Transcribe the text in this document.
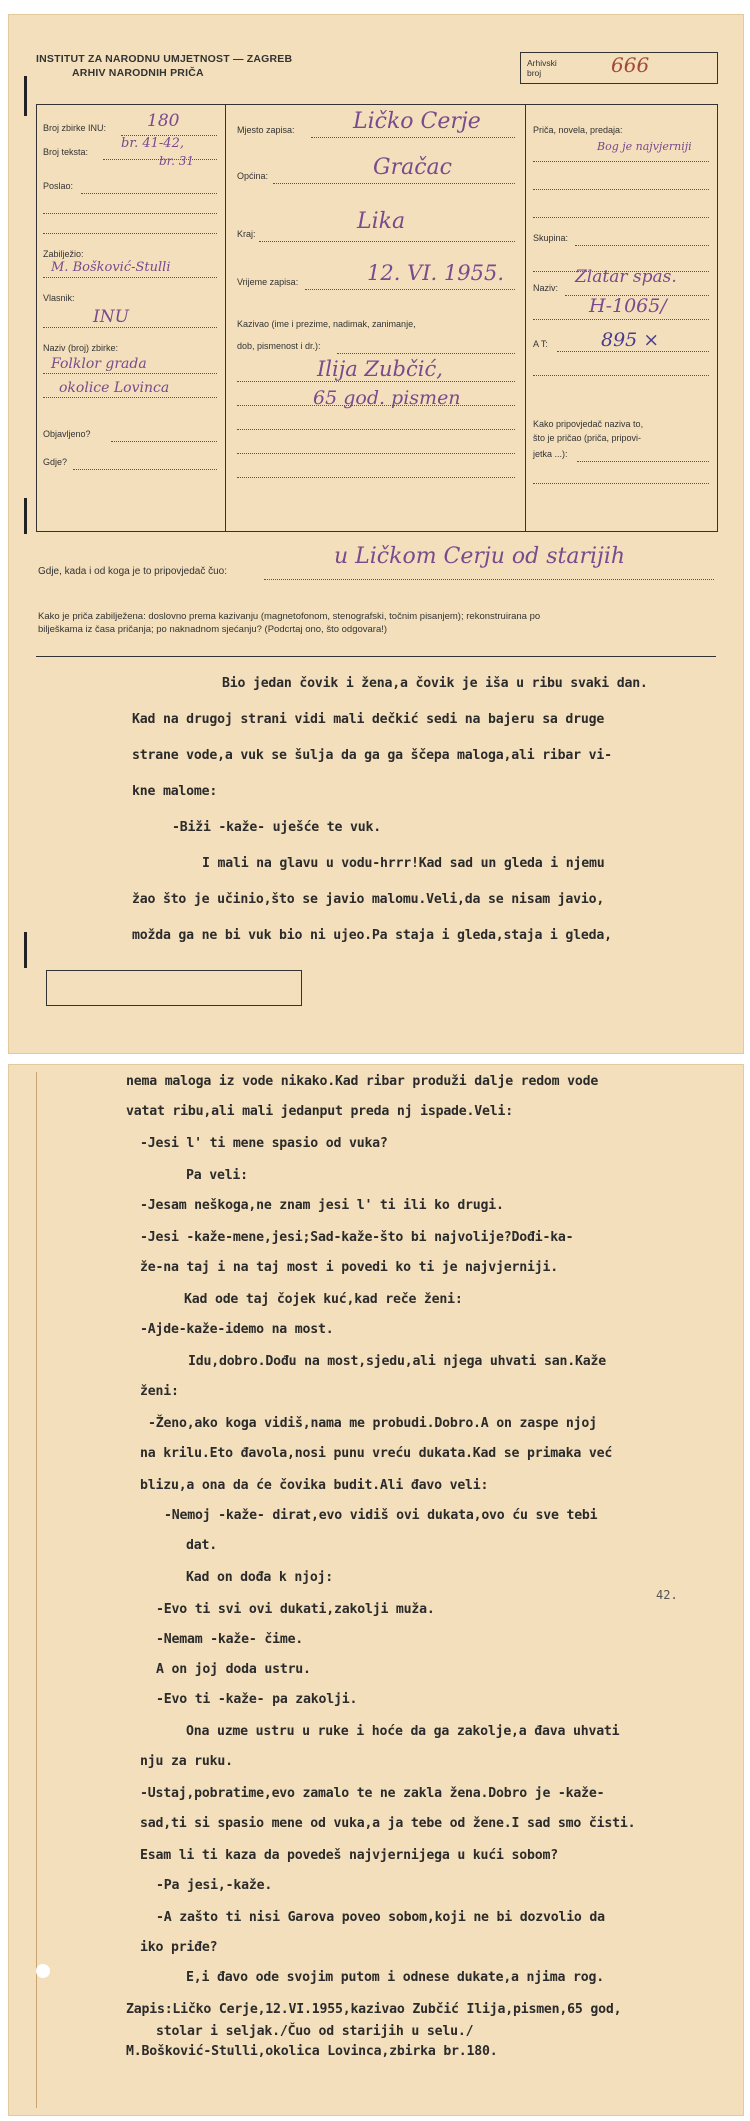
INSTITUT ZA NARODNU UMJETNOST — ZAGREB
ARHIV NARODNIH PRIČA
Arhivski broj	666
Broj zbirke INU: 180
Broj teksta:
br. 41-42,
br. 31
Poslao:
Zabilježio:
M. Bošković-Stulli
Vlasnik:
INU
Naziv (broj) zbirke:
Folklor grada
okolice Lovinca
Objavljeno?
Gdje?
Mjesto zapisa:	Ličko Cerje
Općina:	Gračac
Kraj:	Lika
Vrijeme zapisa:	12. VI. 1955.
Kazivao (ime i prezime, nadimak, zanimanje,
dob, pismenost i dr.):
Ilija Zubčić,
65 god. pismen
Priča, novela, predaja:
Bog je najvjerniji
Skupina:
Naziv:
Zlatar spas.
H-1065/
A T:	895 ×
Kako pripovjedač naziva to,
što je pričao (priča, pripovi-
jetka ...):
Gdje, kada i od koga je to pripovjedač čuo:
u Ličkom Cerju od starijih
Kako je priča zabilježena: doslovno prema kazivanju (magnetofonom, stenografski, točnim pisanjem); rekonstruirana po
bilješkama iz časa pričanja; po naknadnom sjećanju? (Podcrtaj ono, što odgovara!)
Bio jedan čovik i žena,a čovik je iša u ribu svaki dan.
Kad na drugoj strani vidi mali dečkić sedi na bajeru sa druge
strane vode,a vuk se šulja da ga ga ščepa maloga,ali ribar vi-
kne malome:
-Biži -kaže- uješće te vuk.
I mali na glavu u vodu-hrrr!Kad sad un gleda i njemu
žao što je učinio,što se javio malomu.Veli,da se nisam javio,
možda ga ne bi vuk bio ni ujeo.Pa staja i gleda,staja i gleda,
nema maloga iz vode nikako.Kad ribar produži dalje redom vode
vatat ribu,ali mali jedanput preda nj ispade.Veli:
-Jesi l' ti mene spasio od vuka?
Pa veli:
-Jesam neškoga,ne znam jesi l' ti ili ko drugi.
-Jesi -kaže-mene,jesi;Sad-kaže-što bi najvolije?Dođi-ka-
že-na taj i na taj most i povedi ko ti je najvjerniji.
Kad ode taj čojek kuć,kad reče ženi:
-Ajde-kaže-idemo na most.
Idu,dobro.Dođu na most,sjedu,ali njega uhvati san.Kaže
ženi:
-Ženo,ako koga vidiš,nama me probudi.Dobro.A on zaspe njoj
na krilu.Eto đavola,nosi punu vreću dukata.Kad se primaka već
blizu,a ona da će čovika budit.Ali đavo veli:
-Nemoj -kaže- dirat,evo vidiš ovi dukata,ovo ću sve tebi
dat.
Kad on dođa k njoj:
-Evo ti svi ovi dukati,zakolji muža.
-Nemam -kaže- čime.
A on joj doda ustru.
-Evo ti -kaže- pa zakolji.
Ona uzme ustru u ruke i hoće da ga zakolje,a đava uhvati
nju za ruku.
-Ustaj,pobratime,evo zamalo te ne zakla žena.Dobro je -kaže-
sad,ti si spasio mene od vuka,a ja tebe od žene.I sad smo čisti.
Esam li ti kaza da povedeš najvjernijega u kući sobom?
-Pa jesi,-kaže.
-A zašto ti nisi Garova poveo sobom,koji ne bi dozvolio da
iko priđe?
E,i đavo ode svojim putom i odnese dukate,a njima rog.
Zapis:Ličko Cerje,12.VI.1955,kazivao Zubčić Ilija,pismen,65 god,
stolar i seljak./Čuo od starijih u selu./
M.Bošković-Stulli,okolica Lovinca,zbirka br.180.
42.
